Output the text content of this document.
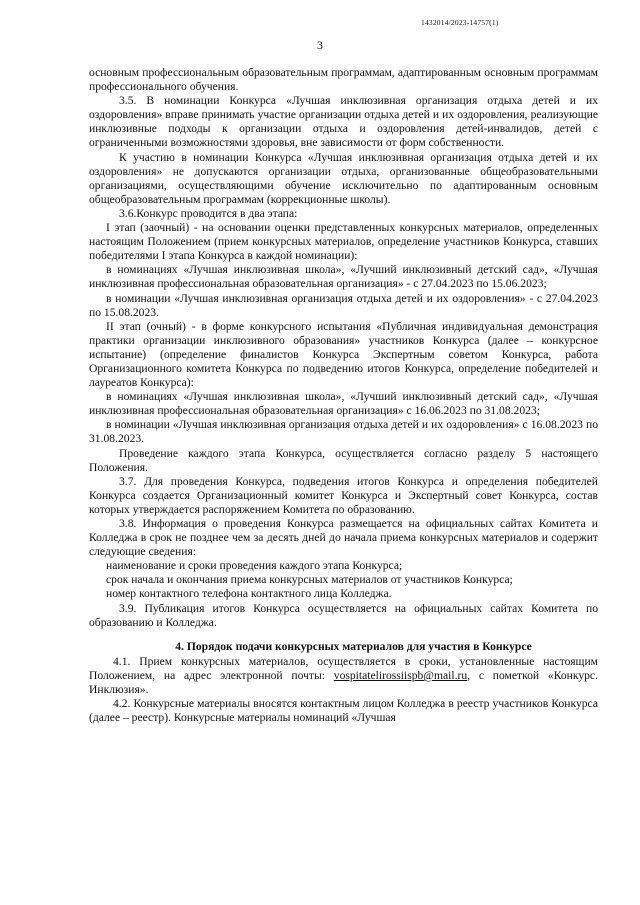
1432014/2023-14757(1)
3

основным профессиональным образовательным программам, адаптированным основным программам профессионального обучения.

3.5. В номинации Конкурса «Лучшая инклюзивная организация отдыха детей и их оздоровления» вправе принимать участие организации отдыха детей и их оздоровления, реализующие инклюзивные подходы к организации отдыха и оздоровления детей-инвалидов, детей с ограниченными возможностями здоровья, вне зависимости от форм собственности.

К участию в номинации Конкурса «Лучшая инклюзивная организация отдыха детей и их оздоровления» не допускаются организации отдыха, организованные общеобразовательными организациями, осуществляющими обучение исключительно по адаптированным основным общеобразовательным программам (коррекционные школы).

3.6.Конкурс проводится в два этапа:

I этап (заочный) - на основании оценки представленных конкурсных материалов, определенных настоящим Положением (прием конкурсных материалов, определение участников Конкурса, ставших победителями I этапа Конкурса в каждой номинации):

в номинациях «Лучшая инклюзивная школа», «Лучший инклюзивный детский сад», «Лучшая инклюзивная профессиональная образовательная организация» - с 27.04.2023 по 15.06.2023;

в номинации «Лучшая инклюзивная организация отдыха детей и их оздоровления» - с 27.04.2023 по 15.08.2023.

II этап (очный) - в форме конкурсного испытания «Публичная индивидуальная демонстрация практики организации инклюзивного образования» участников Конкурса (далее – конкурсное испытание) (определение финалистов Конкурса Экспертным советом Конкурса, работа Организационного комитета Конкурса по подведению итогов Конкурса, определение победителей и лауреатов Конкурса):

в номинациях «Лучшая инклюзивная школа», «Лучший инклюзивный детский сад», «Лучшая инклюзивная профессиональная образовательная организация» с 16.06.2023 по 31.08.2023;

в номинации «Лучшая инклюзивная организация отдыха детей и их оздоровления» с 16.08.2023 по 31.08.2023.

Проведение каждого этапа Конкурса, осуществляется согласно разделу 5 настоящего Положения.

3.7. Для проведения Конкурса, подведения итогов Конкурса и определения победителей Конкурса создается Организационный комитет Конкурса и Экспертный совет Конкурса, состав которых утверждается распоряжением Комитета по образованию.

3.8. Информация о проведения Конкурса размещается на официальных сайтах Комитета и Колледжа в срок не позднее чем за десять дней до начала приема конкурсных материалов и содержит следующие сведения:

наименование и сроки проведения каждого этапа Конкурса;

срок начала и окончания приема конкурсных материалов от участников Конкурса;

номер контактного телефона контактного лица Колледжа.

3.9. Публикация итогов Конкурса осуществляется на официальных сайтах Комитета по образованию и Колледжа.

4. Порядок подачи конкурсных материалов для участия в Конкурсе

4.1. Прием конкурсных материалов, осуществляется в сроки, установленные настоящим Положением, на адрес электронной почты: vospitatelirossiispb@mail.ru, с пометкой «Конкурс. Инклюзия».

4.2. Конкурсные материалы вносятся контактным лицом Колледжа в реестр участников Конкурса (далее – реестр). Конкурсные материалы номинаций «Лучшая
